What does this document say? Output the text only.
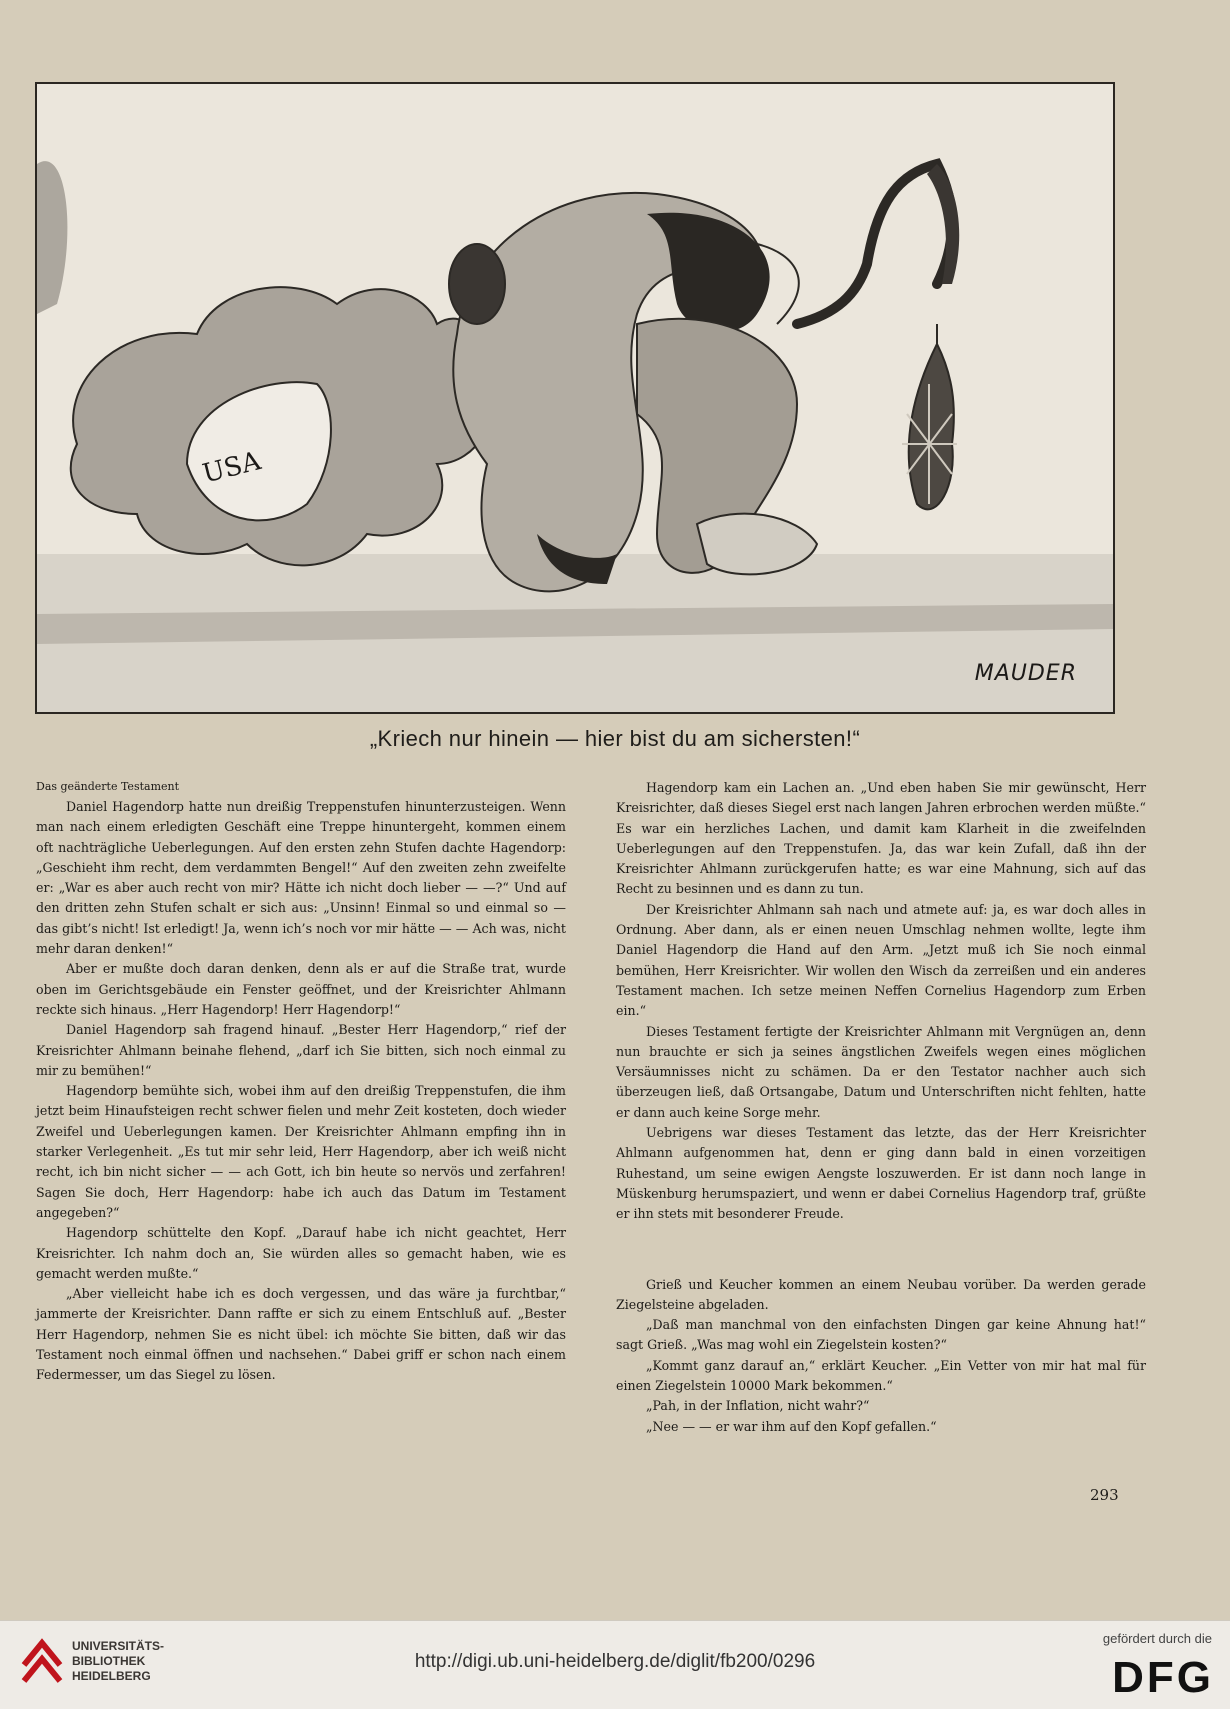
USA
MAUDER
„Kriech nur hinein — hier bist du am sichersten!“
Das geänderte Testament

Daniel Hagendorp hatte nun dreißig Treppenstufen hinunterzusteigen. Wenn man nach einem erledigten Geschäft eine Treppe hinuntergeht, kommen einem oft nachträgliche Ueberlegungen. Auf den ersten zehn Stufen dachte Hagendorp: „Geschieht ihm recht, dem verdammten Bengel!“ Auf den zweiten zehn zweifelte er: „War es aber auch recht von mir? Hätte ich nicht doch lieber — —?“ Und auf den dritten zehn Stufen schalt er sich aus: „Unsinn! Einmal so und einmal so — das gibt’s nicht! Ist erledigt! Ja, wenn ich’s noch vor mir hätte — — Ach was, nicht mehr daran denken!“

Aber er mußte doch daran denken, denn als er auf die Straße trat, wurde oben im Gerichtsgebäude ein Fenster geöffnet, und der Kreisrichter Ahlmann reckte sich hinaus. „Herr Hagendorp! Herr Hagendorp!“

Daniel Hagendorp sah fragend hinauf. „Bester Herr Hagendorp,“ rief der Kreisrichter Ahlmann beinahe flehend, „darf ich Sie bitten, sich noch einmal zu mir zu bemühen!“

Hagendorp bemühte sich, wobei ihm auf den dreißig Treppenstufen, die ihm jetzt beim Hinaufsteigen recht schwer fielen und mehr Zeit kosteten, doch wieder Zweifel und Ueberlegungen kamen. Der Kreisrichter Ahlmann empfing ihn in starker Verlegenheit. „Es tut mir sehr leid, Herr Hagendorp, aber ich weiß nicht recht, ich bin nicht sicher — — ach Gott, ich bin heute so nervös und zerfahren! Sagen Sie doch, Herr Hagendorp: habe ich auch das Datum im Testament angegeben?“

Hagendorp schüttelte den Kopf. „Darauf habe ich nicht geachtet, Herr Kreisrichter. Ich nahm doch an, Sie würden alles so gemacht haben, wie es gemacht werden mußte.“

„Aber vielleicht habe ich es doch vergessen, und das wäre ja furchtbar,“ jammerte der Kreisrichter. Dann raffte er sich zu einem Entschluß auf. „Bester Herr Hagendorp, nehmen Sie es nicht übel: ich möchte Sie bitten, daß wir das Testament noch einmal öffnen und nachsehen.“ Dabei griff er schon nach einem Federmesser, um das Siegel zu lösen.

Hagendorp kam ein Lachen an. „Und eben haben Sie mir gewünscht, Herr Kreisrichter, daß dieses Siegel erst nach langen Jahren erbrochen werden müßte.“ Es war ein herzliches Lachen, und damit kam Klarheit in die zweifelnden Ueberlegungen auf den Treppenstufen. Ja, das war kein Zufall, daß ihn der Kreisrichter Ahlmann zurückgerufen hatte; es war eine Mahnung, sich auf das Recht zu besinnen und es dann zu tun.

Der Kreisrichter Ahlmann sah nach und atmete auf: ja, es war doch alles in Ordnung. Aber dann, als er einen neuen Umschlag nehmen wollte, legte ihm Daniel Hagendorp die Hand auf den Arm. „Jetzt muß ich Sie noch einmal bemühen, Herr Kreisrichter. Wir wollen den Wisch da zerreißen und ein anderes Testament machen. Ich setze meinen Neffen Cornelius Hagendorp zum Erben ein.“

Dieses Testament fertigte der Kreisrichter Ahlmann mit Vergnügen an, denn nun brauchte er sich ja seines ängstlichen Zweifels wegen eines möglichen Versäumnisses nicht zu schämen. Da er den Testator nachher auch sich überzeugen ließ, daß Ortsangabe, Datum und Unterschriften nicht fehlten, hatte er dann auch keine Sorge mehr.

Uebrigens war dieses Testament das letzte, das der Herr Kreisrichter Ahlmann aufgenommen hat, denn er ging dann bald in einen vorzeitigen Ruhestand, um seine ewigen Aengste loszuwerden. Er ist dann noch lange in Müskenburg herumspaziert, und wenn er dabei Cornelius Hagendorp traf, grüßte er ihn stets mit besonderer Freude.

Grieß und Keucher kommen an einem Neubau vorüber. Da werden gerade Ziegelsteine abgeladen.

„Daß man manchmal von den einfachsten Dingen gar keine Ahnung hat!“ sagt Grieß. „Was mag wohl ein Ziegelstein kosten?“

„Kommt ganz darauf an,“ erklärt Keucher. „Ein Vetter von mir hat mal für einen Ziegelstein 10000 Mark bekommen.“

„Pah, in der Inflation, nicht wahr?“

„Nee — — er war ihm auf den Kopf gefallen.“

293
UNIVERSITÄTS-
BIBLIOTHEK
HEIDELBERG
http://digi.ub.uni-heidelberg.de/diglit/fb200/0296
gefördert durch die
DFG
